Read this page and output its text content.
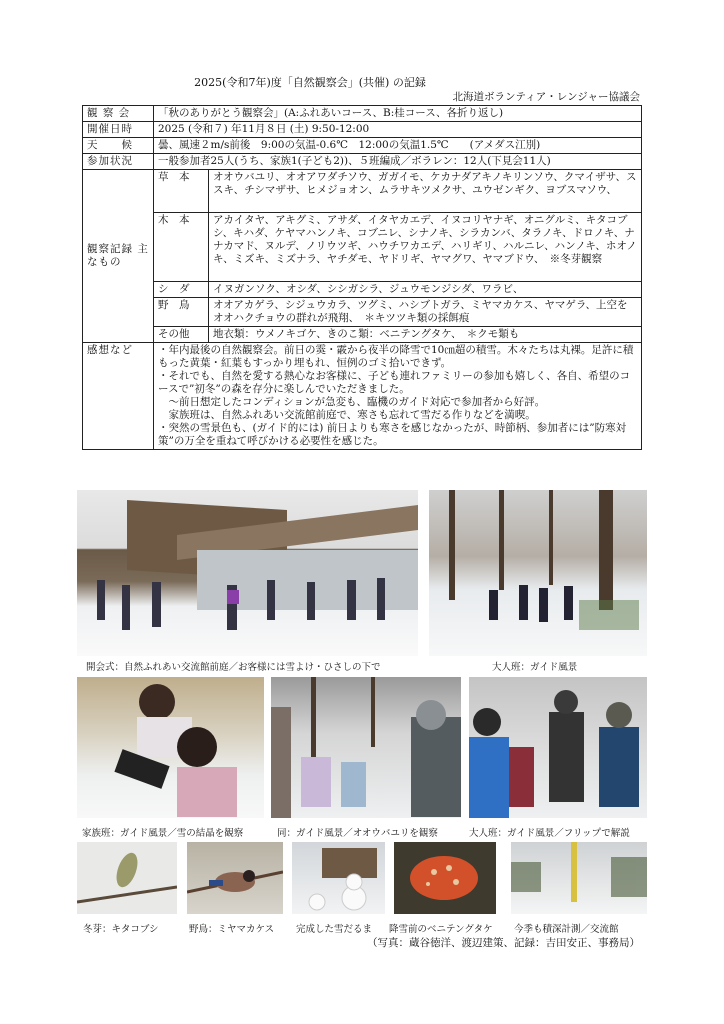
2025(令和7年)度「自然観察会」(共催) の記録
北海道ボランティア・レンジャー協議会
観 察 会	「秋のありがとう観察会」(A:ふれあいコース、B:桂コース、各折り返し)	
開催日時	2025 (令和７) 年11月８日 (土) 9:50-12:00	
天　　候	曇、風速２m/s前後　9:00の気温-0.6℃　12:00の気温1.5℃　　(アメダス江別)	
参加状況	一般参加者25人(うち、家族1(子ども2))、５班編成／ボラレン：12人(下見会11人)	
観察記録 主なもの	草　本	オオウバユリ、オオアワダチソウ、ガガイモ、ケカナダアキノキリンソウ、クマイザサ、ススキ、チシマザサ、ヒメジョオン、ムラサキツメクサ、ユウゼンギク、ヨブスマソウ、
	木　本	アカイタヤ、アキグミ、アサダ、イタヤカエデ、イヌコリヤナギ、オニグルミ、キタコブシ、キハダ、ケヤマハンノキ、コブニレ、シナノキ、シラカンバ、タラノキ、ドロノキ、ナナカマド、ヌルデ、ノリウツギ、ハウチワカエデ、ハリギリ、ハルニレ、ハンノキ、ホオノキ、ミズキ、ミズナラ、ヤチダモ、ヤドリギ、ヤマグワ、ヤマブドウ、　※冬芽観察
	シ　ダ	イヌガンソク、オシダ、シシガシラ、ジュウモンジシダ、ワラビ、
	野　鳥	オオアカゲラ、シジュウカラ、ツグミ、ハシブトガラ、ミヤマカケス、ヤマゲラ、上空をオオハクチョウの群れが飛翔、　＊キツツキ類の採餌痕
	その他	地衣類：ウメノキゴケ、きのこ類：ベニテングタケ、　＊クモ類も
感想など	・年内最後の自然観察会。前日の霙・霰から夜半の降雪で10㎝超の積雪。木々たちは丸裸。足許に積もった黄葉・紅葉もすっかり埋もれ、恒例のゴミ拾いできず。
・それでも、自然を愛する熱心なお客様に、子ども連れファミリーの参加も嬉しく、各自、希望のコースで”初冬”の森を存分に楽しんでいただきました。
　〜前日想定したコンディションが急変も、臨機のガイド対応で参加者から好評。
　家族班は、自然ふれあい交流館前庭で、寒さも忘れて雪だる作りなどを満喫。
・突然の雪景色も、(ガイド的には) 前日よりも寒さを感じなかったが、時節柄、参加者には”防寒対策”の万全を重ねて呼びかける必要性を感じた。	
開会式：自然ふれあい交流館前庭／お客様には雪よけ・ひさしの下で	大人班：ガイド風景
家族班：ガイド風景／雪の結晶を観察	同：ガイド風景／オオウバユリを観察	大人班：ガイド風景／フリップで解説
冬芽：キタコブシ	野鳥：ミヤマカケス 完成した雪だるま 降雪前のベニテングタケ 今季も積深計測／交流館
（写真：蔵谷徳洋、渡辺建策、記録：吉田安正、事務局）
